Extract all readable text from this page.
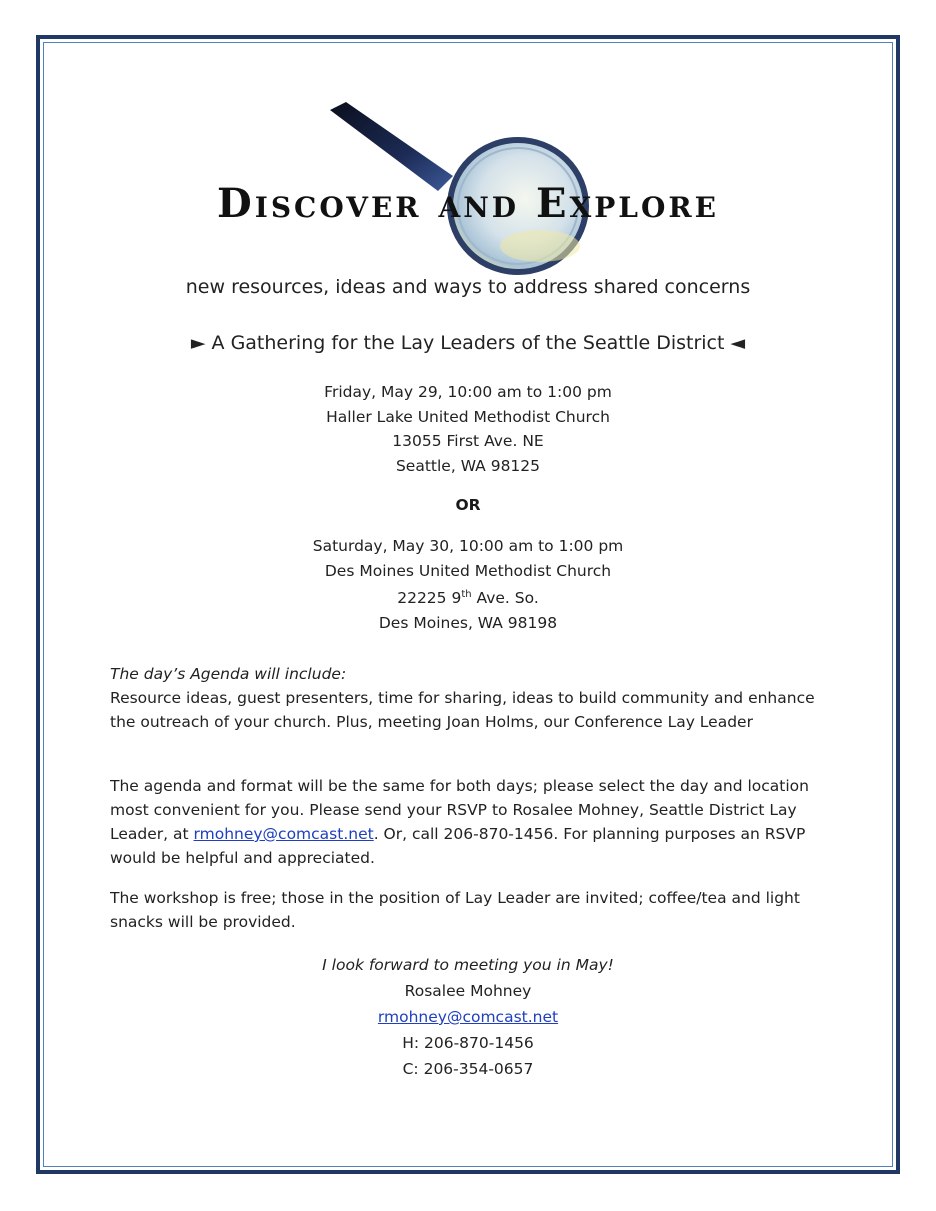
Discover and Explore
new resources, ideas and ways to address shared concerns
► A Gathering for the Lay Leaders of the Seattle District ◄
Friday, May 29, 10:00 am to 1:00 pm
Haller Lake United Methodist Church
13055 First Ave. NE
Seattle, WA 98125
OR
Saturday, May 30, 10:00 am to 1:00 pm
Des Moines United Methodist Church
22225 9th Ave. So.
Des Moines, WA 98198
The day’s Agenda will include:
Resource ideas, guest presenters, time for sharing, ideas to build community and enhance the outreach of your church. Plus, meeting Joan Holms, our Conference Lay Leader
The agenda and format will be the same for both days; please select the day and location most convenient for you. Please send your RSVP to Rosalee Mohney, Seattle District Lay Leader, at rmohney@comcast.net. Or, call 206-870-1456. For planning purposes an RSVP would be helpful and appreciated.
The workshop is free; those in the position of Lay Leader are invited; coffee/tea and light snacks will be provided.
I look forward to meeting you in May!
Rosalee Mohney
rmohney@comcast.net
H: 206-870-1456
C: 206-354-0657
